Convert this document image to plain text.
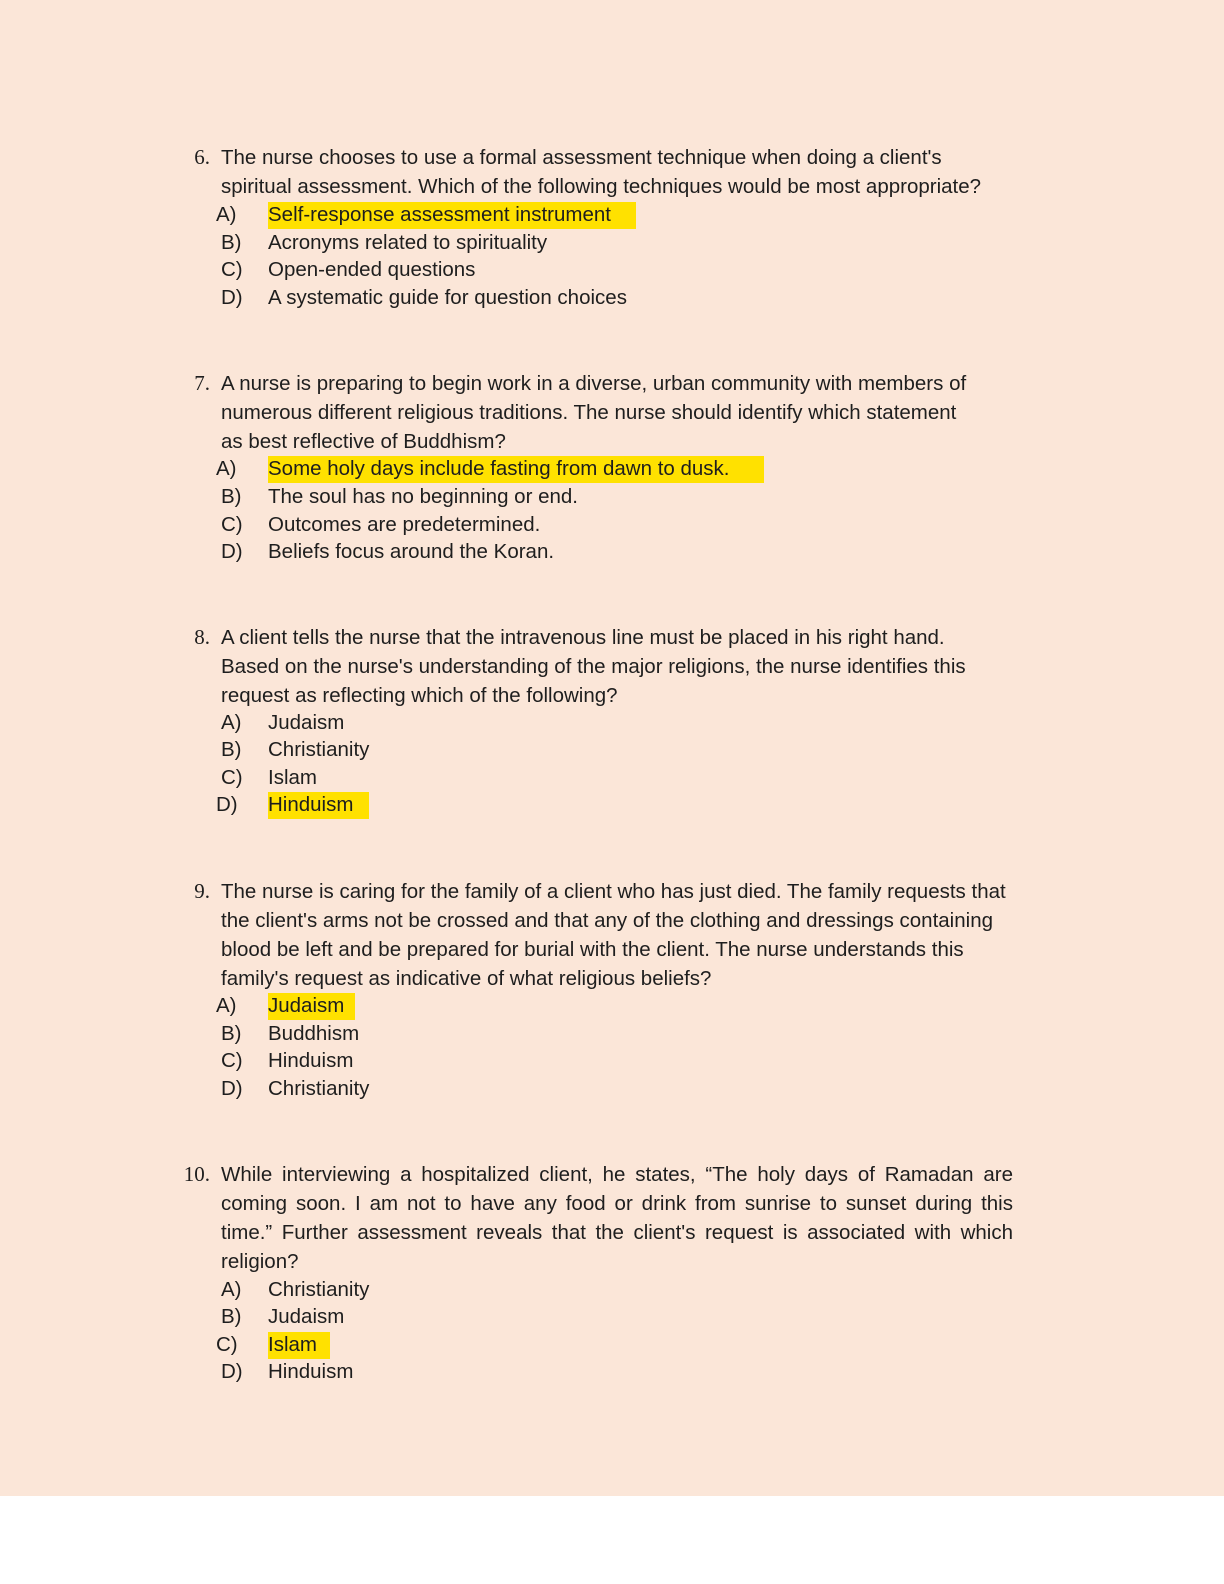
6. The nurse chooses to use a formal assessment technique when doing a client's
spiritual assessment. Which of the following techniques would be most appropriate?
A) Self-response assessment instrument
B) Acronyms related to spirituality
C) Open-ended questions
D) A systematic guide for question choices
7. A nurse is preparing to begin work in a diverse, urban community with members of
numerous different religious traditions. The nurse should identify which statement
as best reflective of Buddhism?
A) Some holy days include fasting from dawn to dusk.
B) The soul has no beginning or end.
C) Outcomes are predetermined.
D) Beliefs focus around the Koran.
8. A client tells the nurse that the intravenous line must be placed in his right hand.
Based on the nurse's understanding of the major religions, the nurse identifies this
request as reflecting which of the following?
A) Judaism
B) Christianity
C) Islam
D) Hinduism
9. The nurse is caring for the family of a client who has just died. The family requests that
the client's arms not be crossed and that any of the clothing and dressings containing
blood be left and be prepared for burial with the client. The nurse understands this
family's request as indicative of what religious beliefs?
A) Judaism
B) Buddhism
C) Hinduism
D) Christianity
10. While interviewing a hospitalized client, he states, “The holy days of Ramadan are coming soon. I am not to have any food or drink from sunrise to sunset during this time.” Further assessment reveals that the client's request is associated with which religion?
A) Christianity
B) Judaism
C) Islam
D) Hinduism
